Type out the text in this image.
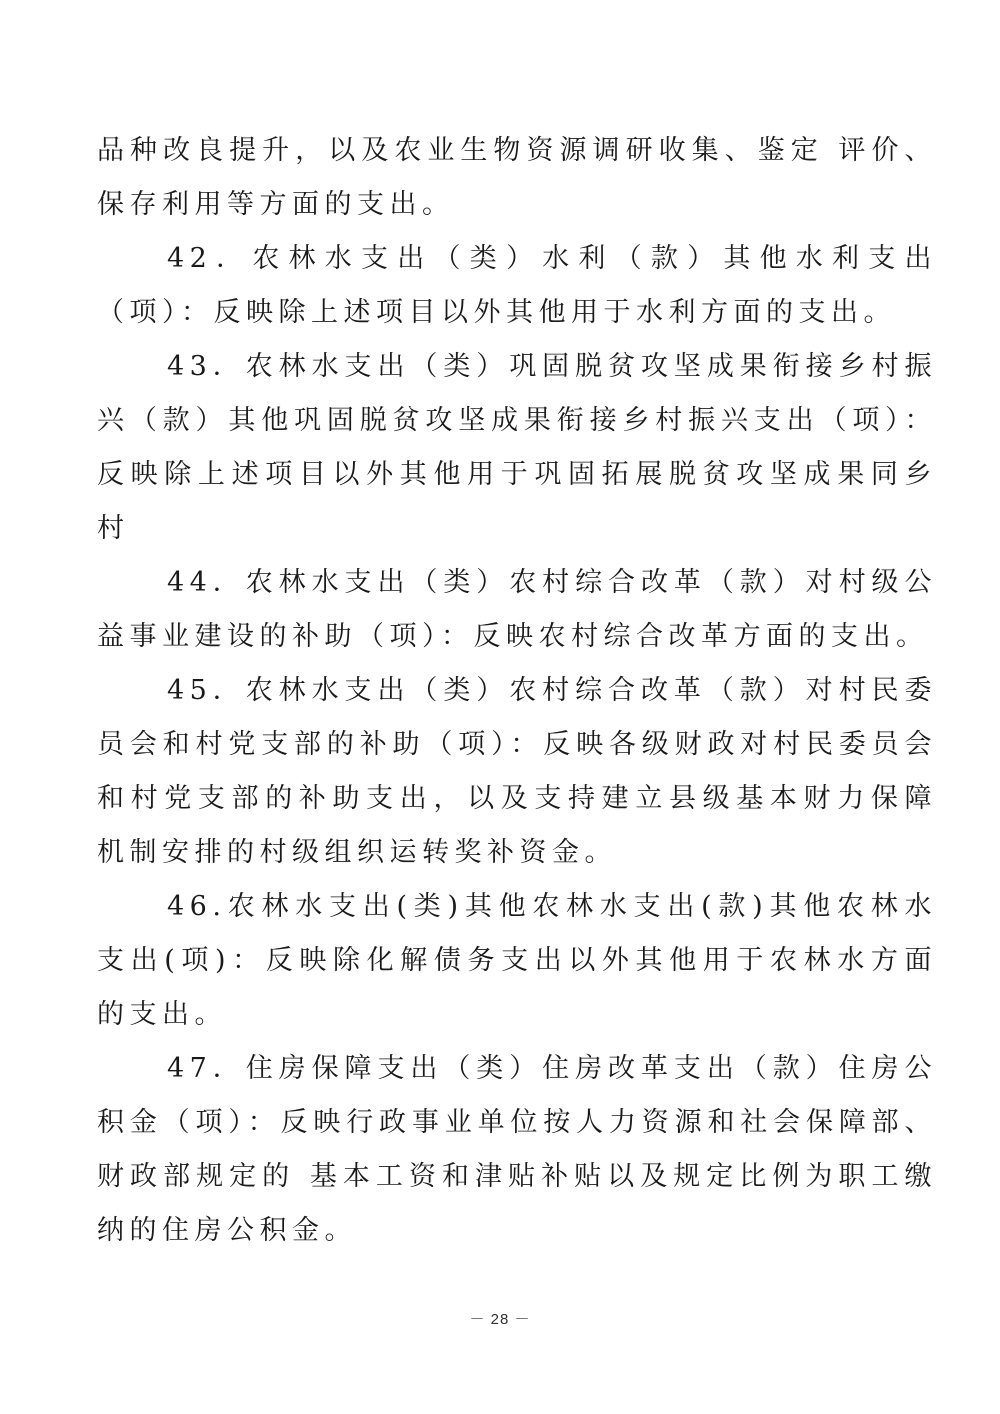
品种改良提升，以及农业生物资源调研收集、鉴定 评价、保存利用等方面的支出。

42．农林水支出（类）水利（款）其他水利支出（项）：反映除上述项目以外其他用于水利方面的支出。

43．农林水支出（类）巩固脱贫攻坚成果衔接乡村振兴（款）其他巩固脱贫攻坚成果衔接乡村振兴支出（项）：反映除上述项目以外其他用于巩固拓展脱贫攻坚成果同乡村

44．农林水支出（类）农村综合改革（款）对村级公益事业建设的补助（项）：反映农村综合改革方面的支出。

45．农林水支出（类）农村综合改革（款）对村民委员会和村党支部的补助（项）：反映各级财政对村民委员会和村党支部的补助支出，以及支持建立县级基本财力保障机制安排的村级组织运转奖补资金。

46.农林水支出(类)其他农林水支出(款)其他农林水支出(项)：反映除化解债务支出以外其他用于农林水方面的支出。

47．住房保障支出（类）住房改革支出（款）住房公积金（项）：反映行政事业单位按人力资源和社会保障部、财政部规定的 基本工资和津贴补贴以及规定比例为职工缴纳的住房公积金。

－ 28 －
